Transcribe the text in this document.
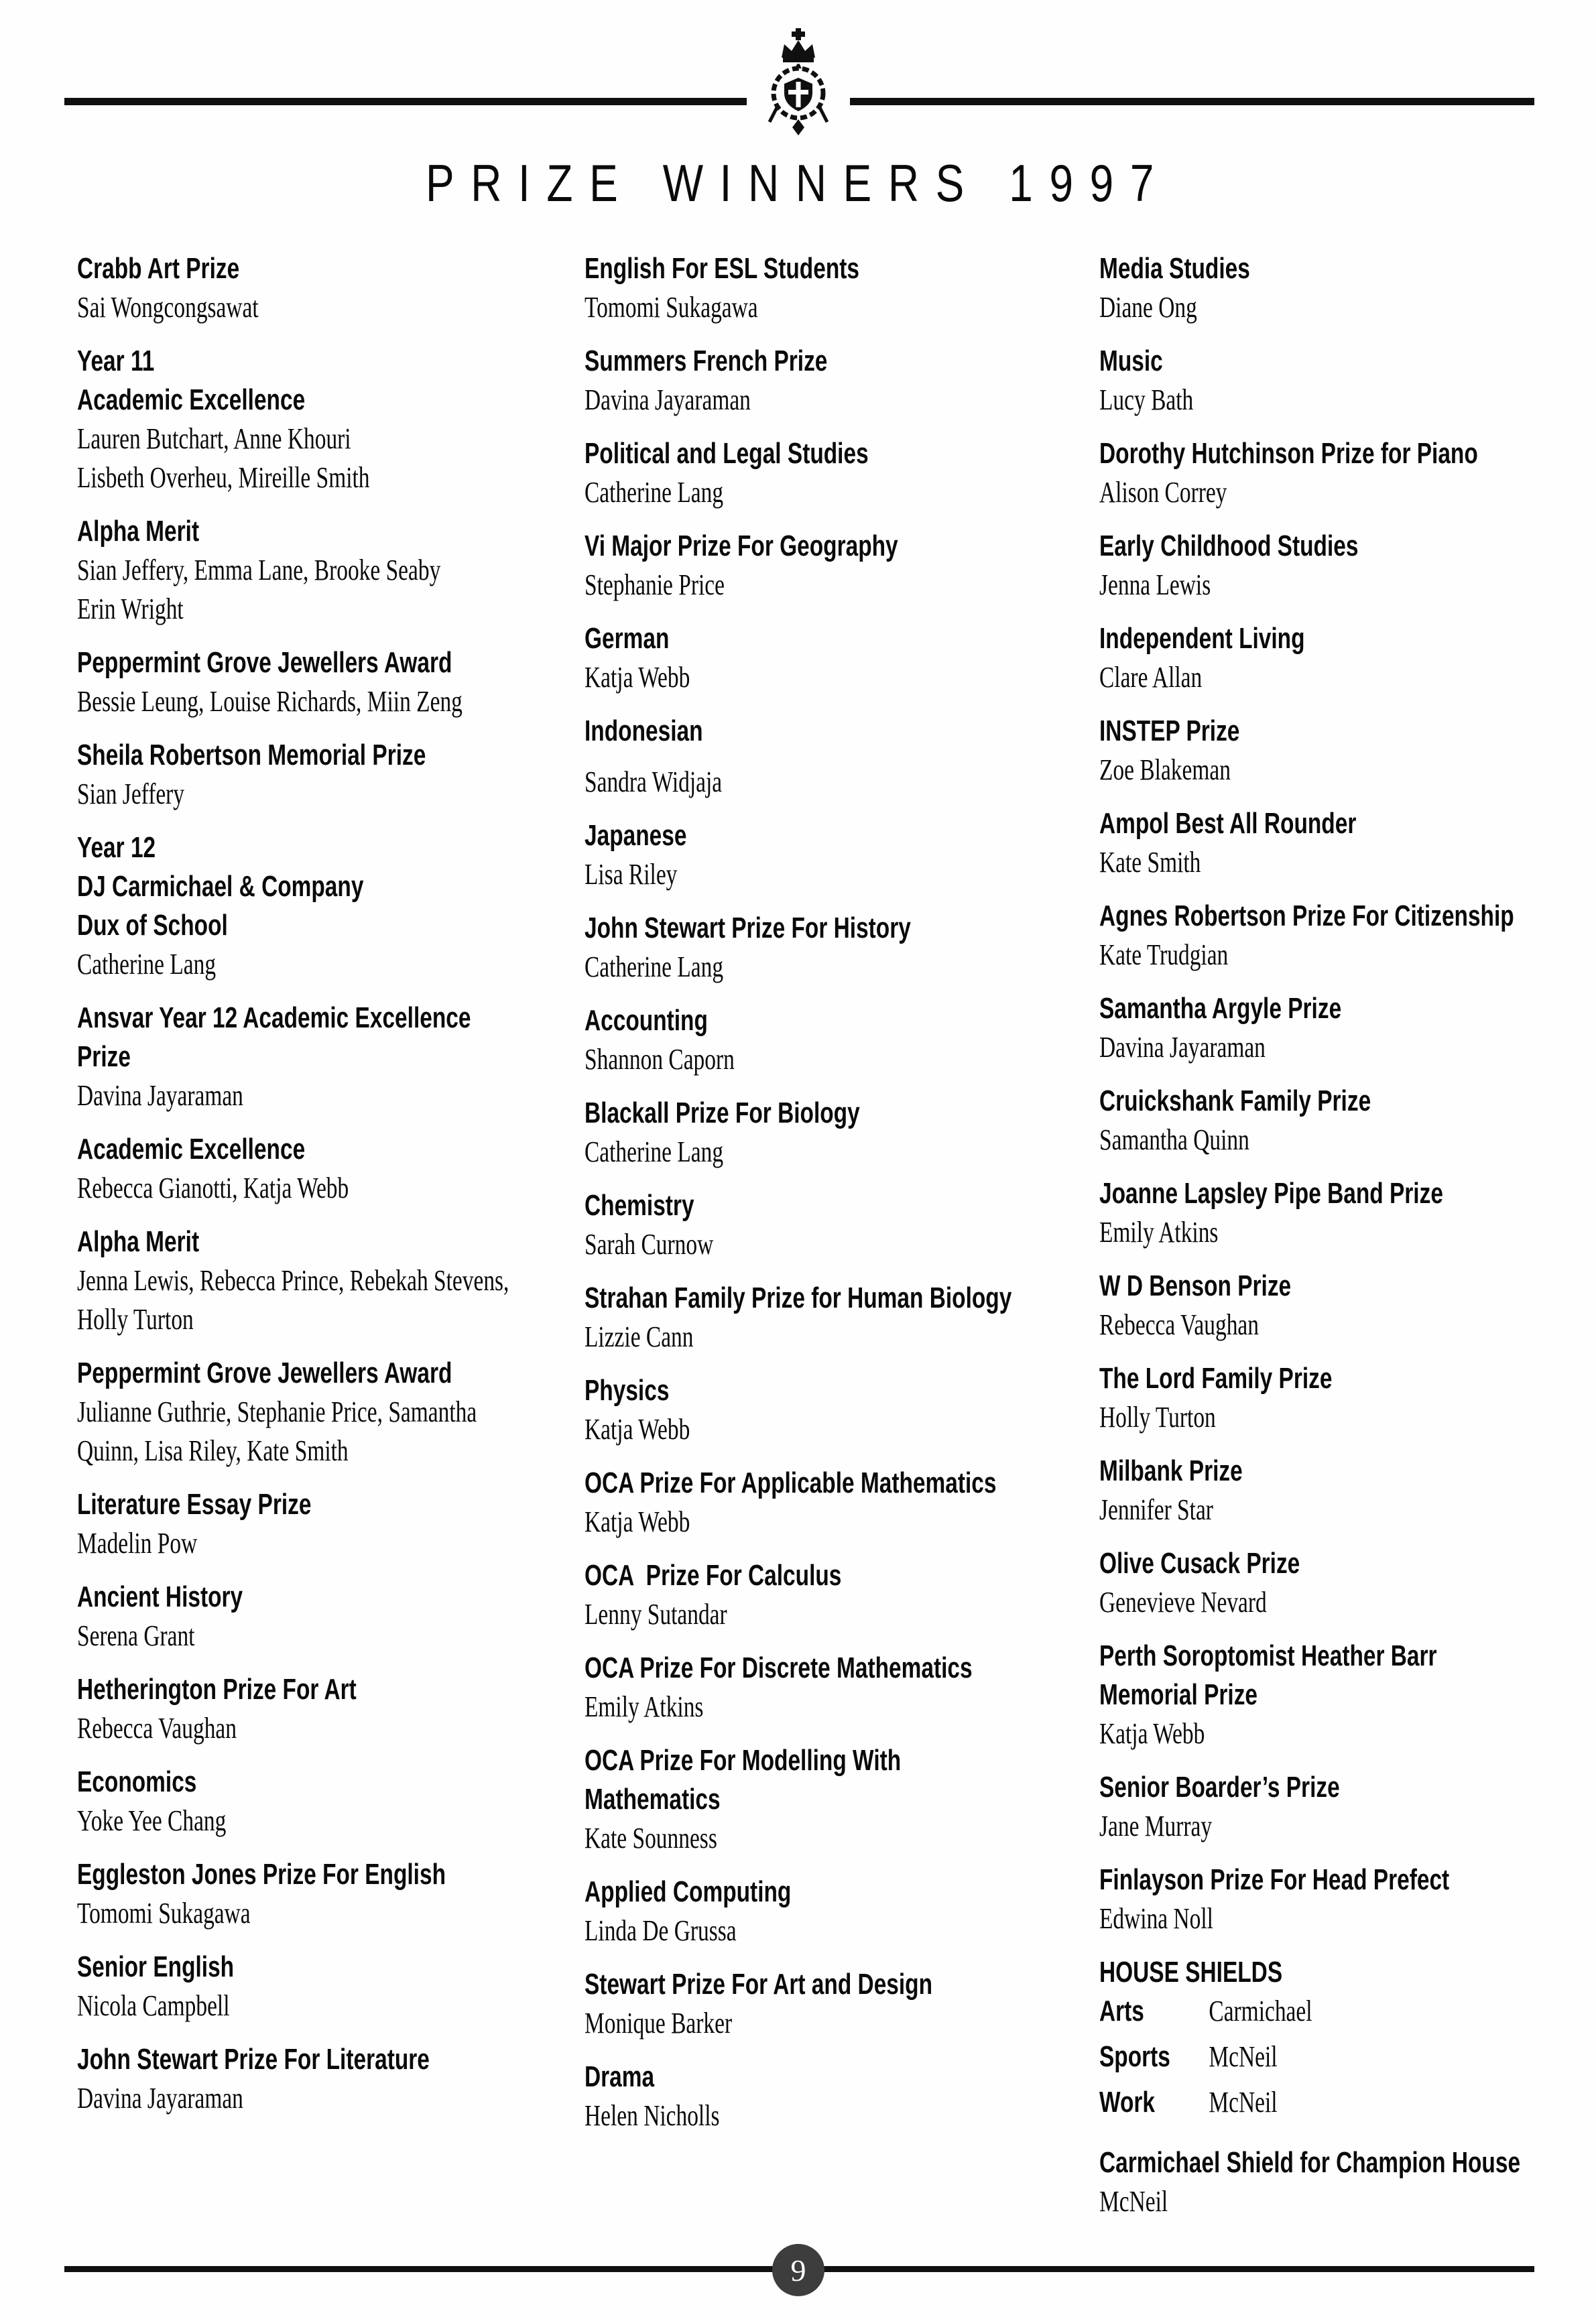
PRIZE WINNERS 1997
Crabb Art Prize
Sai Wongcongsawat
Year 11
Academic Excellence
Lauren Butchart, Anne Khouri
Lisbeth Overheu, Mireille Smith
Alpha Merit
Sian Jeffery, Emma Lane, Brooke Seaby
Erin Wright
Peppermint Grove Jewellers Award
Bessie Leung, Louise Richards, Miin Zeng
Sheila Robertson Memorial Prize
Sian Jeffery
Year 12
DJ Carmichael & Company
Dux of School
Catherine Lang
Ansvar Year 12 Academic Excellence
Prize
Davina Jayaraman
Academic Excellence
Rebecca Gianotti, Katja Webb
Alpha Merit
Jenna Lewis, Rebecca Prince, Rebekah Stevens,
Holly Turton
Peppermint Grove Jewellers Award
Julianne Guthrie, Stephanie Price, Samantha
Quinn, Lisa Riley, Kate Smith
Literature Essay Prize
Madelin Pow
Ancient History
Serena Grant
Hetherington Prize For Art
Rebecca Vaughan
Economics
Yoke Yee Chang
Eggleston Jones Prize For English
Tomomi Sukagawa
Senior English
Nicola Campbell
John Stewart Prize For Literature
Davina Jayaraman
English For ESL Students
Tomomi Sukagawa
Summers French Prize
Davina Jayaraman
Political and Legal Studies
Catherine Lang
Vi Major Prize For Geography
Stephanie Price
German
Katja Webb
Indonesian
Sandra Widjaja
Japanese
Lisa Riley
John Stewart Prize For History
Catherine Lang
Accounting
Shannon Caporn
Blackall Prize For Biology
Catherine Lang
Chemistry
Sarah Curnow
Strahan Family Prize for Human Biology
Lizzie Cann
Physics
Katja Webb
OCA Prize For Applicable Mathematics
Katja Webb
OCA  Prize For Calculus
Lenny Sutandar
OCA Prize For Discrete Mathematics
Emily Atkins
OCA Prize For Modelling With
Mathematics
Kate Sounness
Applied Computing
Linda De Grussa
Stewart Prize For Art and Design
Monique Barker
Drama
Helen Nicholls
Media Studies
Diane Ong
Music
Lucy Bath
Dorothy Hutchinson Prize for Piano
Alison Correy
Early Childhood Studies
Jenna Lewis
Independent Living
Clare Allan
INSTEP Prize
Zoe Blakeman
Ampol Best All Rounder
Kate Smith
Agnes Robertson Prize For Citizenship
Kate Trudgian
Samantha Argyle Prize
Davina Jayaraman
Cruickshank Family Prize
Samantha Quinn
Joanne Lapsley Pipe Band Prize
Emily Atkins
W D Benson Prize
Rebecca Vaughan
The Lord Family Prize
Holly Turton
Milbank Prize
Jennifer Star
Olive Cusack Prize
Genevieve Nevard
Perth Soroptomist Heather Barr
Memorial Prize
Katja Webb
Senior Boarder’s Prize
Jane Murray
Finlayson Prize For Head Prefect
Edwina Noll
HOUSE SHIELDS
Arts Carmichael
Sports McNeil
Work McNeil
Carmichael Shield for Champion House
McNeil
9
